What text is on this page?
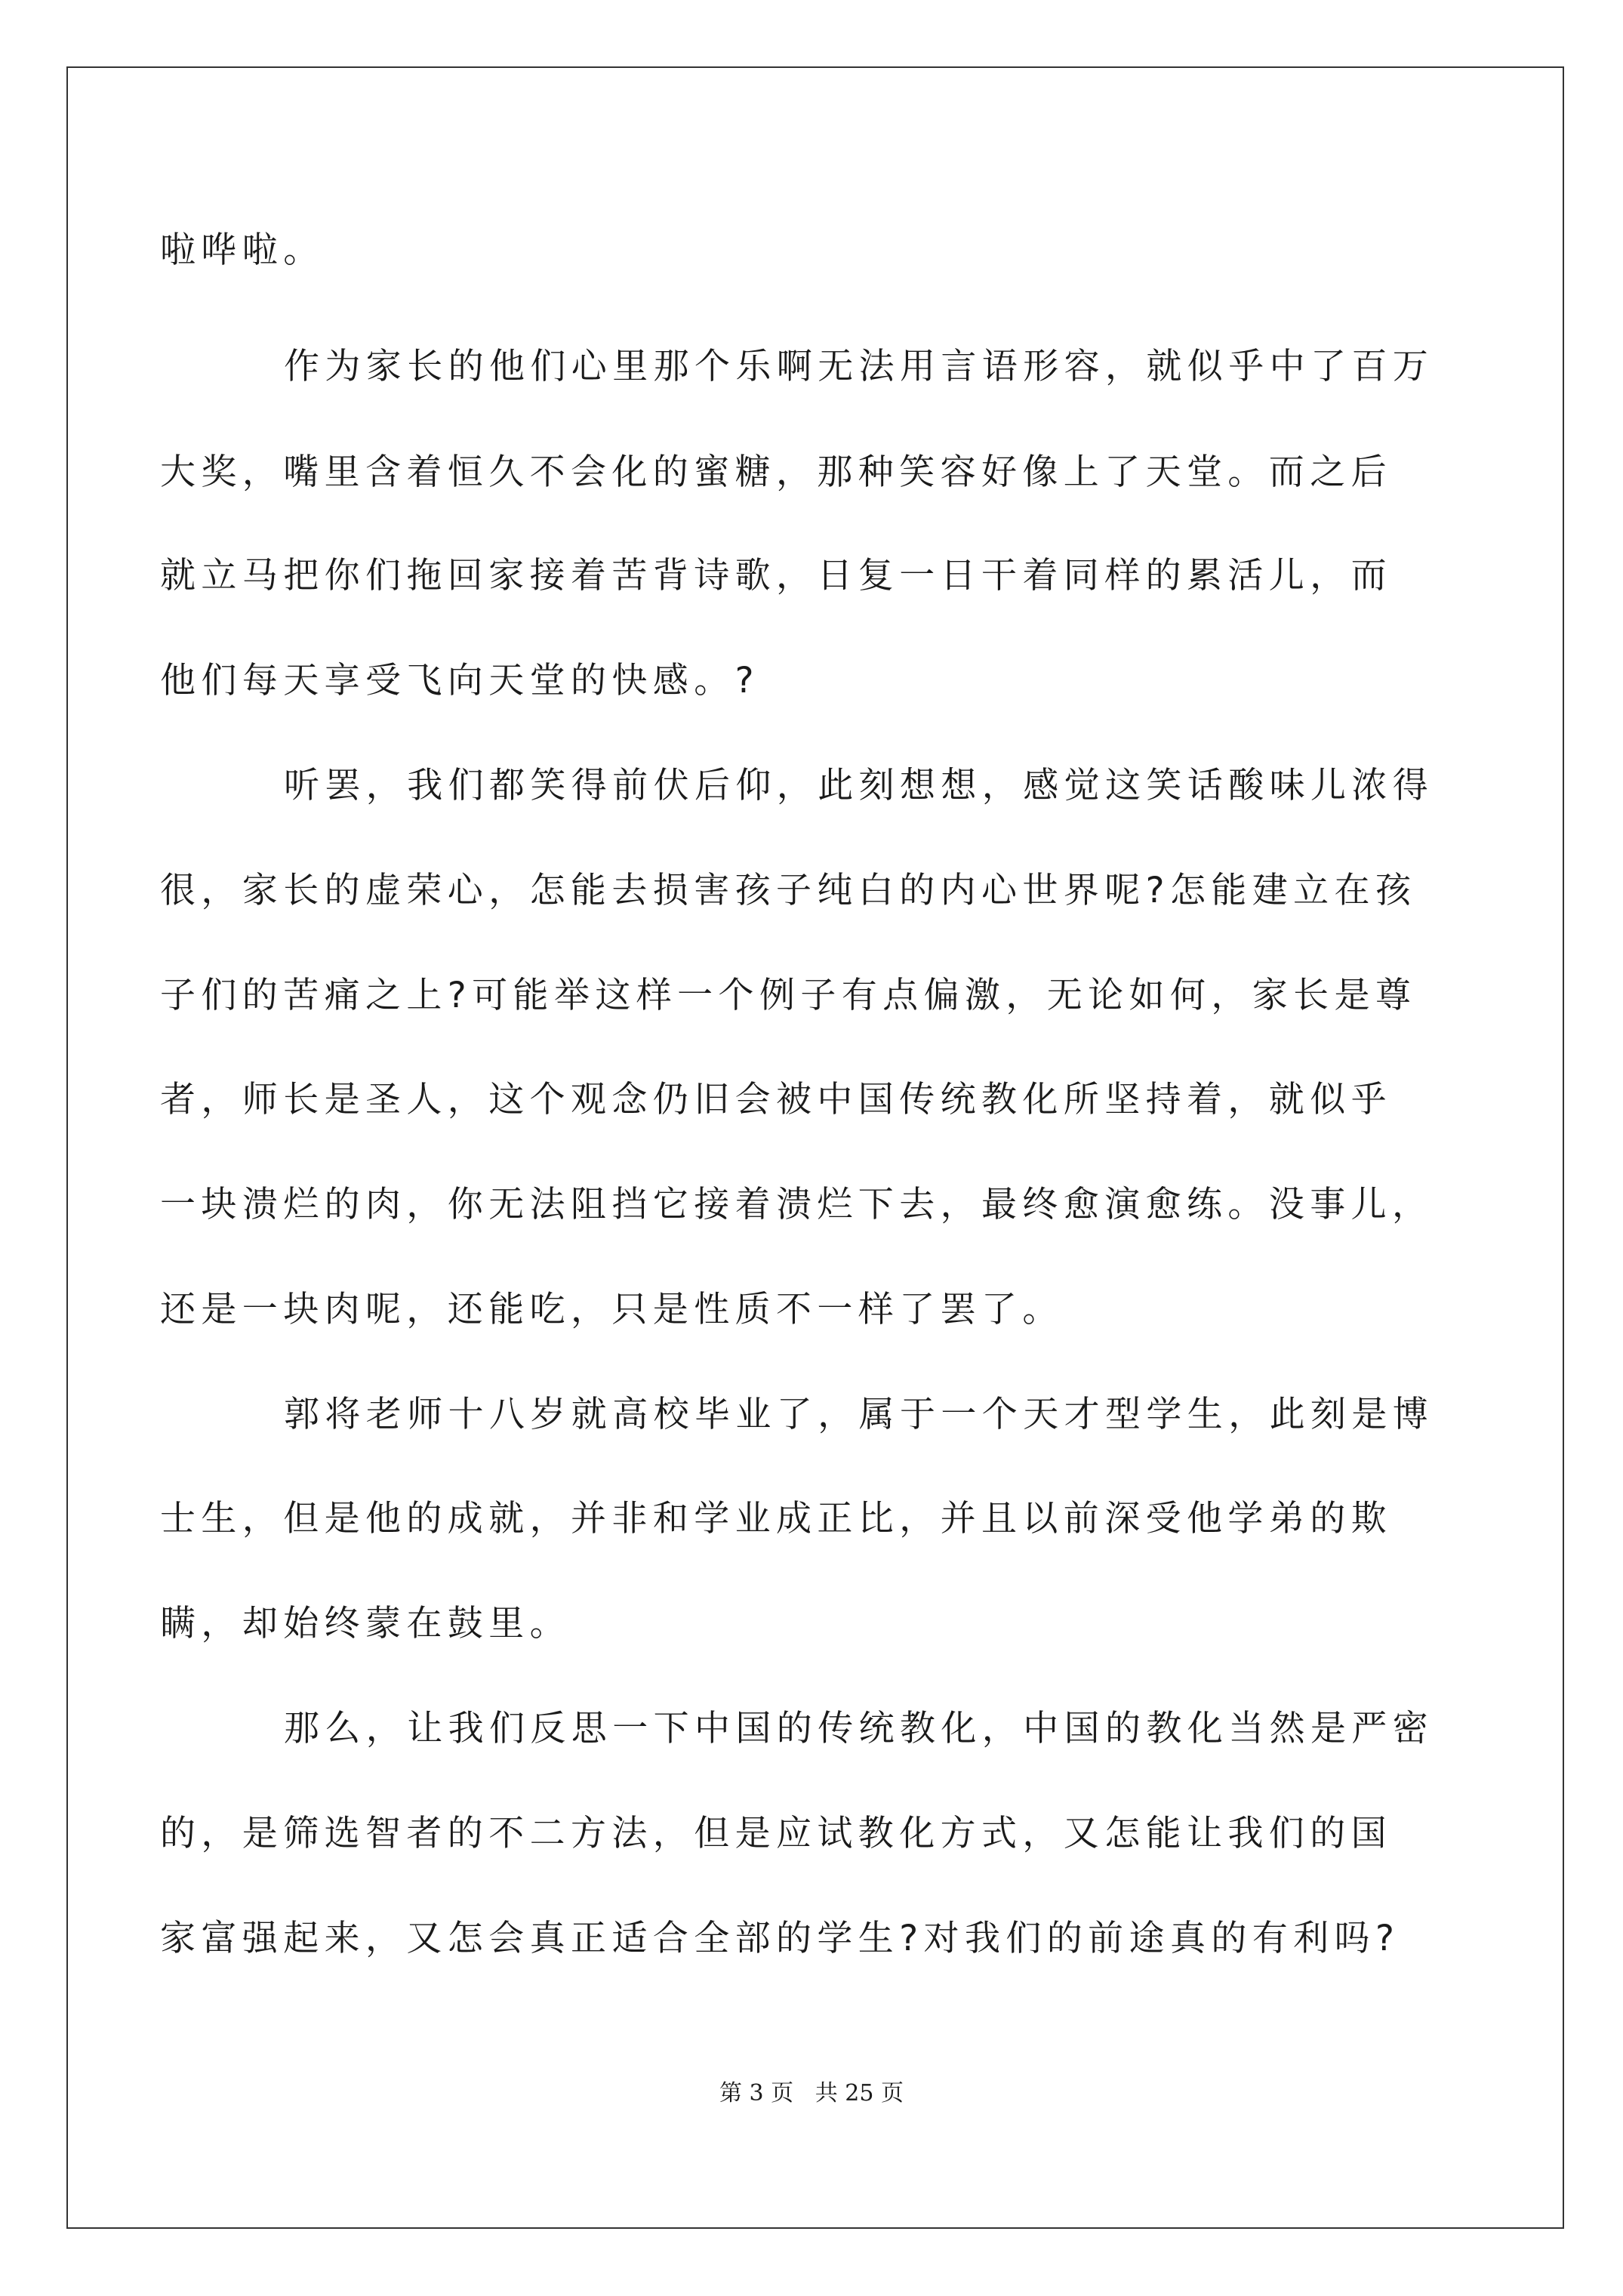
啦哗啦。

作为家长的他们心里那个乐啊无法用言语形容，就似乎中了百万

大奖，嘴里含着恒久不会化的蜜糖，那种笑容好像上了天堂。而之后

就立马把你们拖回家接着苦背诗歌，日复一日干着同样的累活儿，而

他们每天享受飞向天堂的快感。?

听罢，我们都笑得前伏后仰，此刻想想，感觉这笑话酸味儿浓得

很，家长的虚荣心，怎能去损害孩子纯白的内心世界呢?怎能建立在孩

子们的苦痛之上?可能举这样一个例子有点偏激，无论如何，家长是尊

者，师长是圣人，这个观念仍旧会被中国传统教化所坚持着，就似乎

一块溃烂的肉，你无法阻挡它接着溃烂下去，最终愈演愈练。没事儿，

还是一块肉呢，还能吃，只是性质不一样了罢了。

郭将老师十八岁就高校毕业了，属于一个天才型学生，此刻是博

士生，但是他的成就，并非和学业成正比，并且以前深受他学弟的欺

瞒，却始终蒙在鼓里。

那么，让我们反思一下中国的传统教化，中国的教化当然是严密

的，是筛选智者的不二方法，但是应试教化方式，又怎能让我们的国

家富强起来，又怎会真正适合全部的学生?对我们的前途真的有利吗?

第 3 页 共 25 页
